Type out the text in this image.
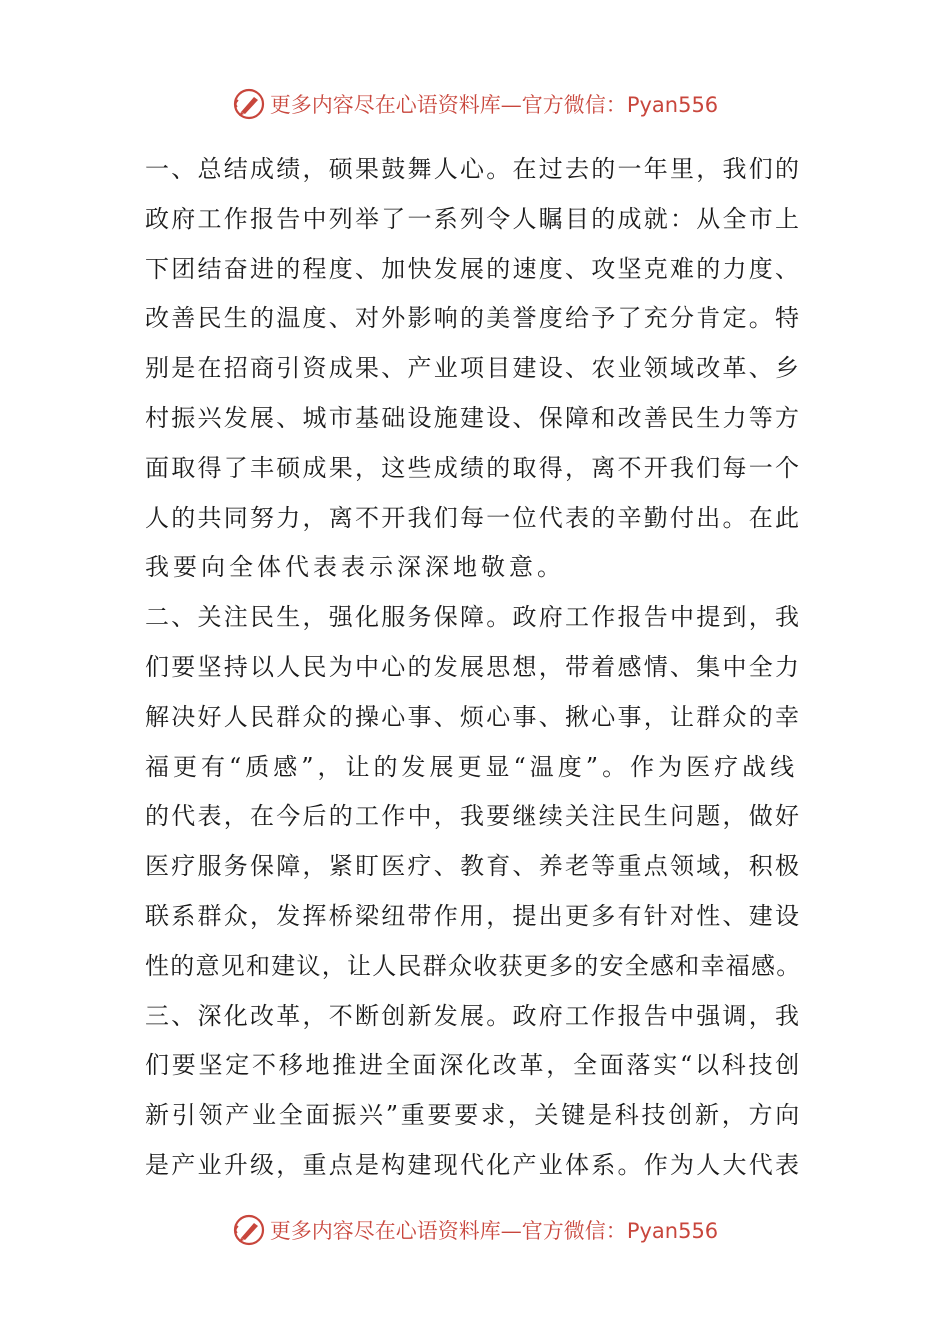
更多内容尽在心语资料库—官方微信：Pyan556
一、总结成绩，硕果鼓舞人心。在过去的一年里，我们的
政府工作报告中列举了一系列令人瞩目的成就：从全市上
下团结奋进的程度、加快发展的速度、攻坚克难的力度、
改善民生的温度、对外影响的美誉度给予了充分肯定。特
别是在招商引资成果、产业项目建设、农业领域改革、乡
村振兴发展、城市基础设施建设、保障和改善民生力等方
面取得了丰硕成果，这些成绩的取得，离不开我们每一个
人的共同努力，离不开我们每一位代表的辛勤付出。在此
我要向全体代表表示深深地敬意。
二、关注民生，强化服务保障。政府工作报告中提到，我
们要坚持以人民为中心的发展思想，带着感情、集中全力
解决好人民群众的操心事、烦心事、揪心事，让群众的幸
福更有“质感”，让的发展更显“温度”。作为医疗战线
的代表，在今后的工作中，我要继续关注民生问题，做好
医疗服务保障，紧盯医疗、教育、养老等重点领域，积极
联系群众，发挥桥梁纽带作用，提出更多有针对性、建设
性的意见和建议，让人民群众收获更多的安全感和幸福感。
三、深化改革，不断创新发展。政府工作报告中强调，我
们要坚定不移地推进全面深化改革，全面落实“以科技创
新引领产业全面振兴”重要要求，关键是科技创新，方向
是产业升级，重点是构建现代化产业体系。作为人大代表
更多内容尽在心语资料库—官方微信：Pyan556
